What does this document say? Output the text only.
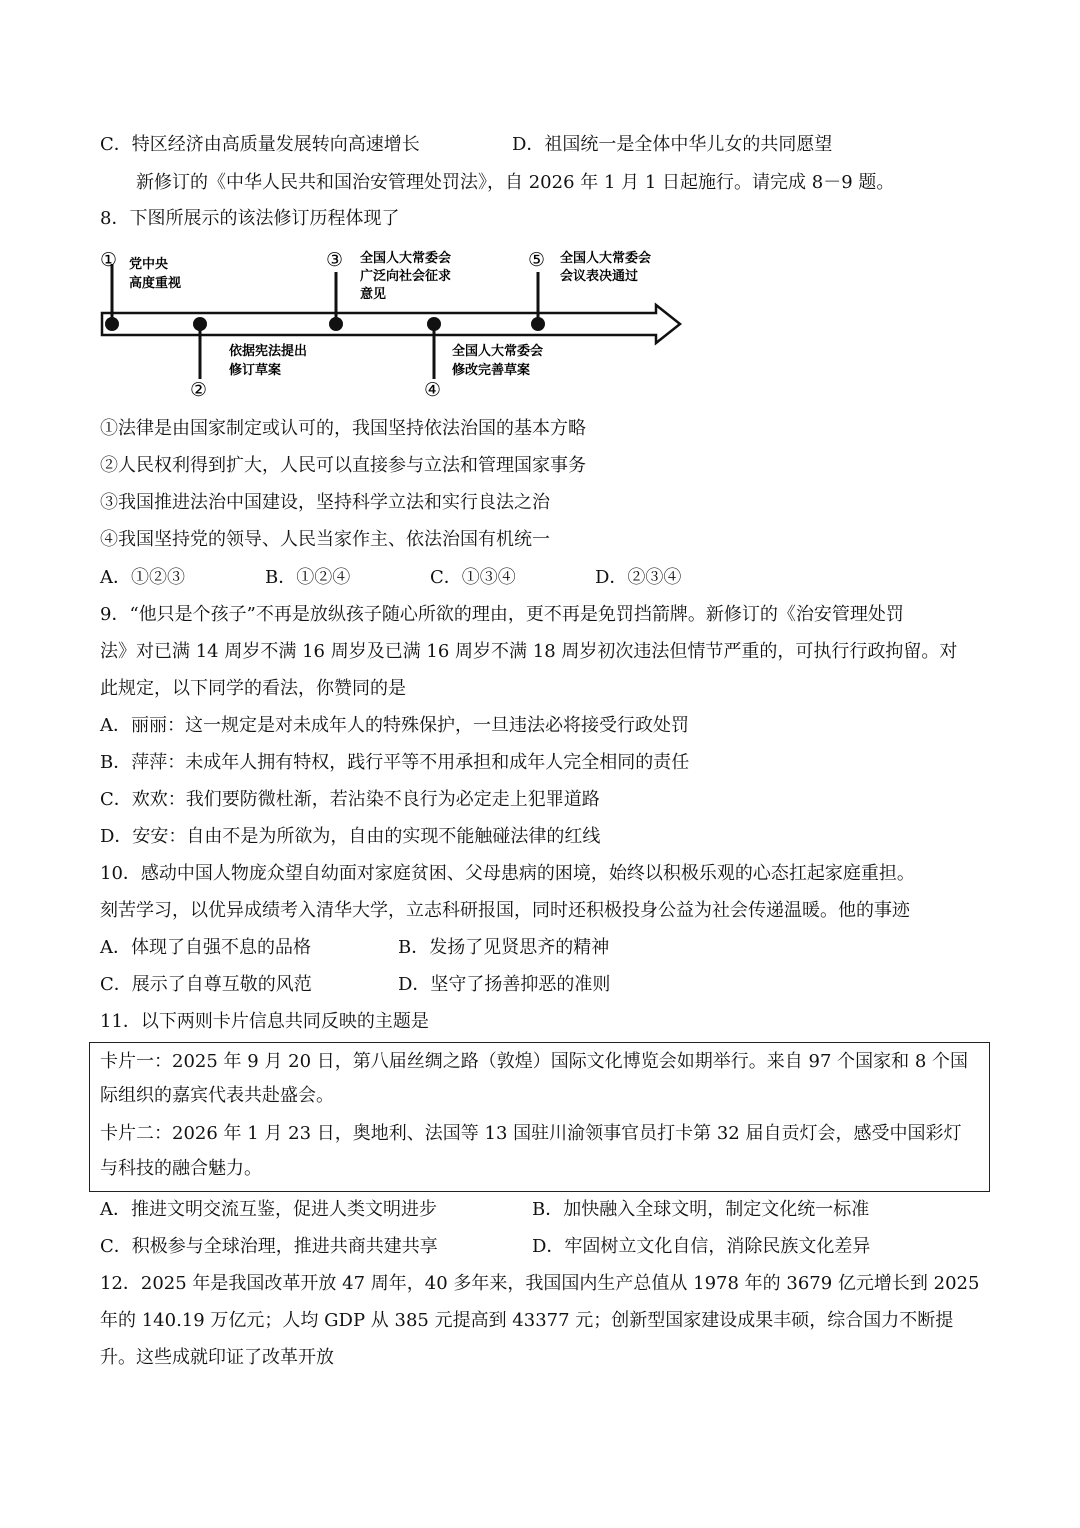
C．特区经济由高质量发展转向高速增长	D．祖国统一是全体中华儿女的共同愿望
新修订的《中华人民共和国治安管理处罚法》，自 2026 年 1 月 1 日起施行。请完成 8－9 题。
8．下图所展示的该法修订历程体现了
① 党中央
高度重视
②
依据宪法提出
修订草案
③ 全国人大常委会
广泛向社会征求
意见
④
全国人大常委会
修改完善草案
⑤ 全国人大常委会
会议表决通过
①法律是由国家制定或认可的，我国坚持依法治国的基本方略
②人民权利得到扩大，人民可以直接参与立法和管理国家事务
③我国推进法治中国建设，坚持科学立法和实行良法之治
④我国坚持党的领导、人民当家作主、依法治国有机统一
A．①②③	B．①②④	C．①③④	D．②③④
9．“他只是个孩子”不再是放纵孩子随心所欲的理由，更不再是免罚挡箭牌。新修订的《治安管理处罚
法》对已满 14 周岁不满 16 周岁及已满 16 周岁不满 18 周岁初次违法但情节严重的，可执行行政拘留。对
此规定，以下同学的看法，你赞同的是
A．丽丽：这一规定是对未成年人的特殊保护，一旦违法必将接受行政处罚
B．萍萍：未成年人拥有特权，践行平等不用承担和成年人完全相同的责任
C．欢欢：我们要防微杜渐，若沾染不良行为必定走上犯罪道路
D．安安：自由不是为所欲为，自由的实现不能触碰法律的红线
10．感动中国人物庞众望自幼面对家庭贫困、父母患病的困境，始终以积极乐观的心态扛起家庭重担。
刻苦学习，以优异成绩考入清华大学，立志科研报国，同时还积极投身公益为社会传递温暖。他的事迹
A．体现了自强不息的品格	B．发扬了见贤思齐的精神
C．展示了自尊互敬的风范	D．坚守了扬善抑恶的准则
11．以下两则卡片信息共同反映的主题是
卡片一：2025 年 9 月 20 日，第八届丝绸之路（敦煌）国际文化博览会如期举行。来自 97 个国家和 8 个国
际组织的嘉宾代表共赴盛会。
卡片二：2026 年 1 月 23 日，奥地利、法国等 13 国驻川渝领事官员打卡第 32 届自贡灯会，感受中国彩灯
与科技的融合魅力。
A．推进文明交流互鉴，促进人类文明进步	B．加快融入全球文明，制定文化统一标准
C．积极参与全球治理，推进共商共建共享	D．牢固树立文化自信，消除民族文化差异
12．2025 年是我国改革开放 47 周年，40 多年来，我国国内生产总值从 1978 年的 3679 亿元增长到 2025
年的 140.19 万亿元；人均 GDP 从 385 元提高到 43377 元；创新型国家建设成果丰硕，综合国力不断提
升。这些成就印证了改革开放
